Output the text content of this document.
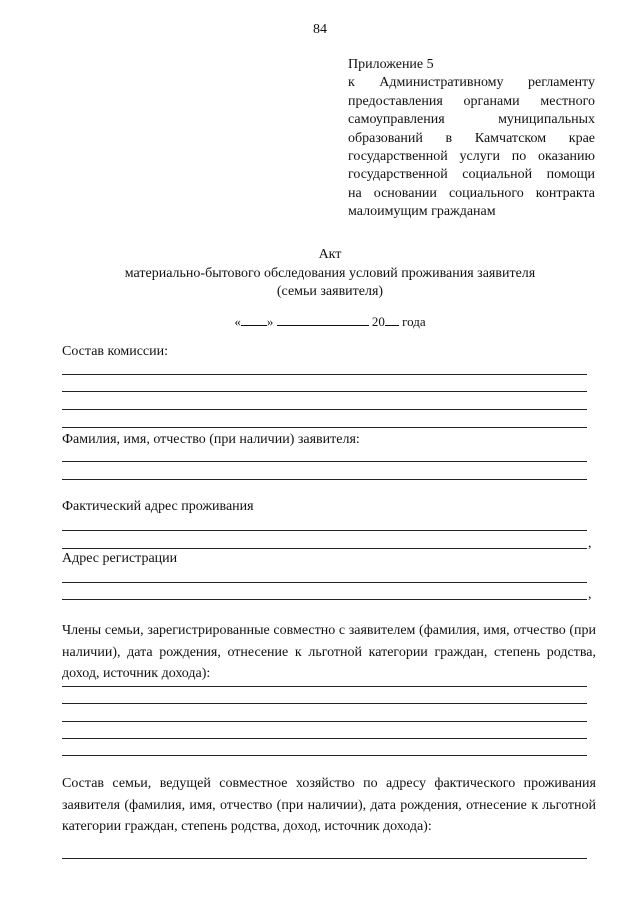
84
Приложение 5
к Административному регламенту
предоставления органами местного
самоуправления муниципальных
образований в Камчатском крае
государственной услуги по оказанию
государственной социальной помощи
на основании социального контракта
малоимущим гражданам
Акт
материально-бытового обследования условий проживания заявителя
(семьи заявителя)
« »	20 года
Состав комиссии:
Фамилия, имя, отчество (при наличии) заявителя:
Фактический адрес проживания
,
Адрес регистрации
,
Члены семьи, зарегистрированные совместно с заявителем (фамилия, имя, отчество (при наличии), дата рождения, отнесение к льготной категории граждан, степень родства, доход, источник дохода):
Состав семьи, ведущей совместное хозяйство по адресу фактического проживания заявителя (фамилия, имя, отчество (при наличии), дата рождения, отнесение к льготной категории граждан, степень родства, доход, источник дохода):
